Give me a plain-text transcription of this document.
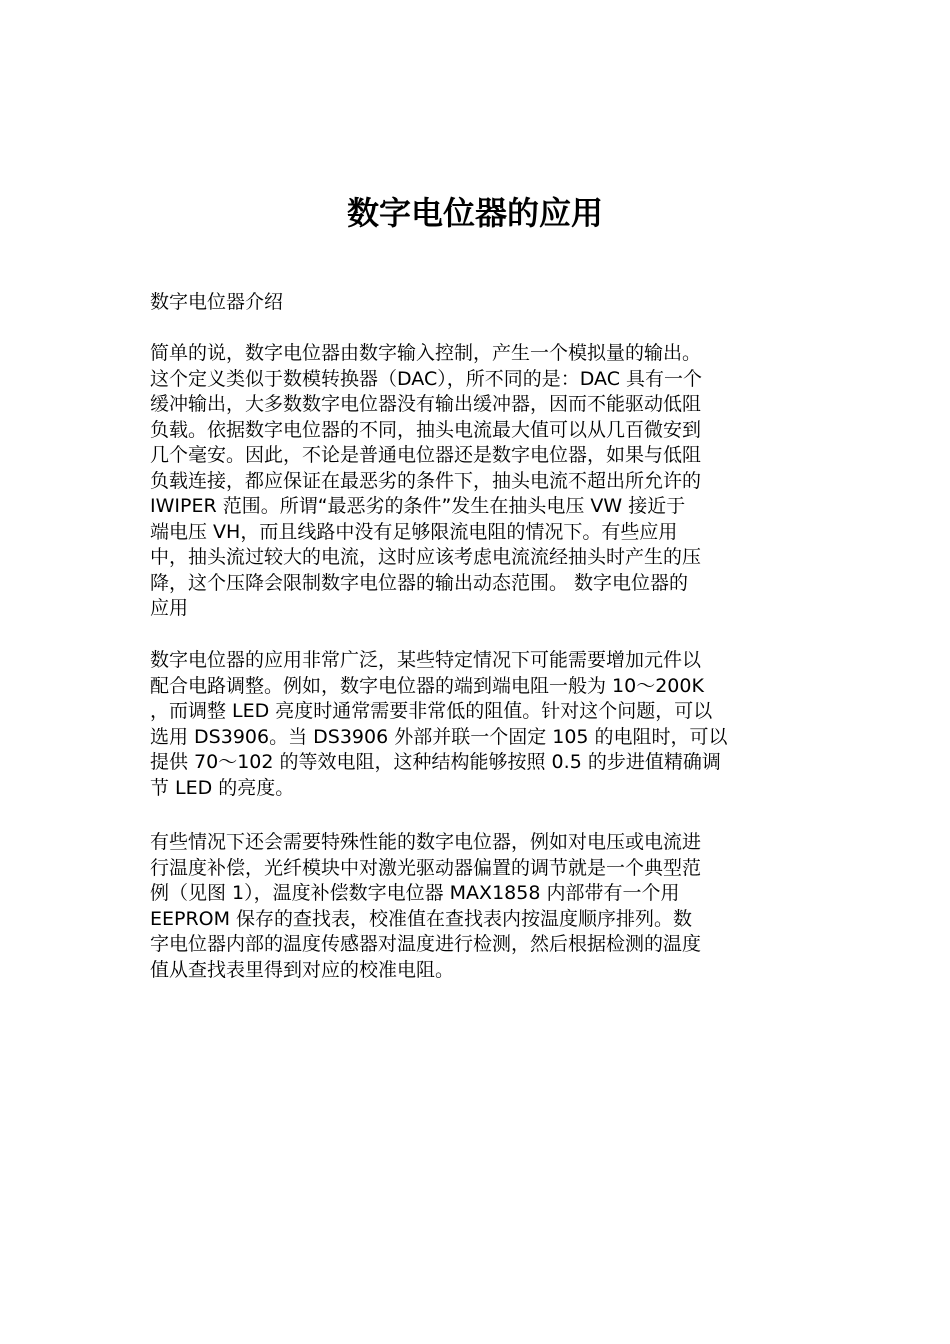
数字电位器的应用

数字电位器介绍

简单的说，数字电位器由数字输入控制，产生一个模拟量的输出。
这个定义类似于数模转换器（DAC），所不同的是：DAC 具有一个
缓冲输出，大多数数字电位器没有输出缓冲器，因而不能驱动低阻
负载。依据数字电位器的不同，抽头电流最大值可以从几百微安到
几个毫安。因此，不论是普通电位器还是数字电位器，如果与低阻
负载连接，都应保证在最恶劣的条件下，抽头电流不超出所允许的
IWIPER 范围。所谓“最恶劣的条件”发生在抽头电压 VW 接近于
端电压 VH，而且线路中没有足够限流电阻的情况下。有些应用
中，抽头流过较大的电流，这时应该考虑电流流经抽头时产生的压
降，这个压降会限制数字电位器的输出动态范围。 数字电位器的
应用

数字电位器的应用非常广泛，某些特定情况下可能需要增加元件以
配合电路调整。例如，数字电位器的端到端电阻一般为 10～200K
，而调整 LED 亮度时通常需要非常低的阻值。针对这个问题，可以
选用 DS3906。当 DS3906 外部并联一个固定 105 的电阻时，可以
提供 70～102 的等效电阻，这种结构能够按照 0.5 的步进值精确调
节 LED 的亮度。

有些情况下还会需要特殊性能的数字电位器，例如对电压或电流进
行温度补偿，光纤模块中对激光驱动器偏置的调节就是一个典型范
例（见图 1），温度补偿数字电位器 MAX1858 内部带有一个用
EEPROM 保存的查找表，校准值在查找表内按温度顺序排列。数
字电位器内部的温度传感器对温度进行检测，然后根据检测的温度
值从查找表里得到对应的校准电阻。
